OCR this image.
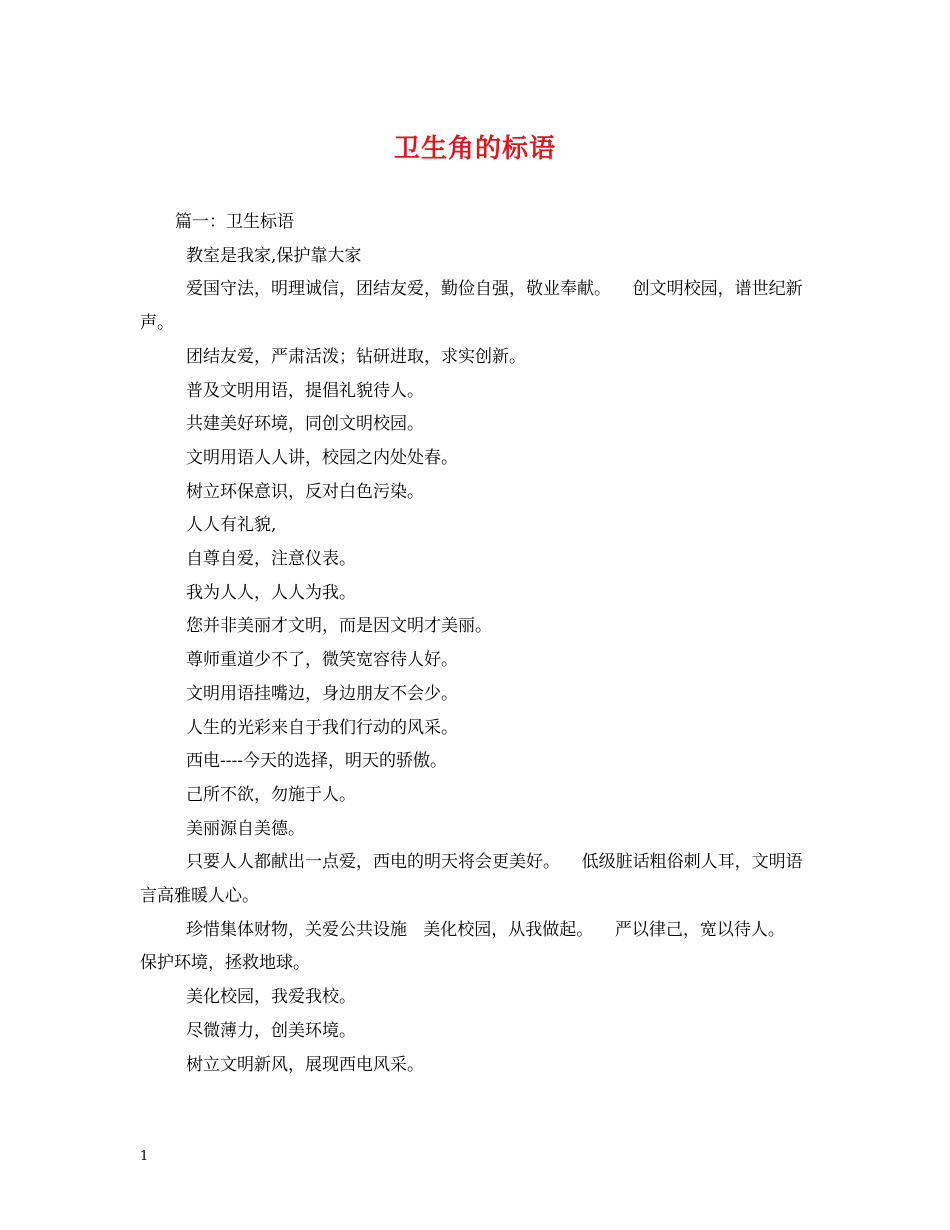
卫生角的标语

篇一：卫生标语

教室是我家,保护靠大家

爱国守法，明理诚信，团结友爱，勤俭自强，敬业奉献。    创文明校园，谱世纪新声。

团结友爱，严肃活泼；钻研进取，求实创新。

普及文明用语，提倡礼貌待人。

共建美好环境，同创文明校园。

文明用语人人讲，校园之内处处春。

树立环保意识，反对白色污染。

人人有礼貌,

自尊自爱，注意仪表。

我为人人，人人为我。

您并非美丽才文明，而是因文明才美丽。

尊师重道少不了，微笑宽容待人好。

文明用语挂嘴边，身边朋友不会少。

人生的光彩来自于我们行动的风采。

西电----今天的选择，明天的骄傲。

己所不欲，勿施于人。

美丽源自美德。

只要人人都献出一点爱，西电的明天将会更美好。    低级脏话粗俗刺人耳，文明语言高雅暖人心。

珍惜集体财物，关爱公共设施   美化校园，从我做起。    严以律己，宽以待人。   保护环境，拯救地球。

美化校园，我爱我校。

尽微薄力，创美环境。

树立文明新风，展现西电风采。

1
